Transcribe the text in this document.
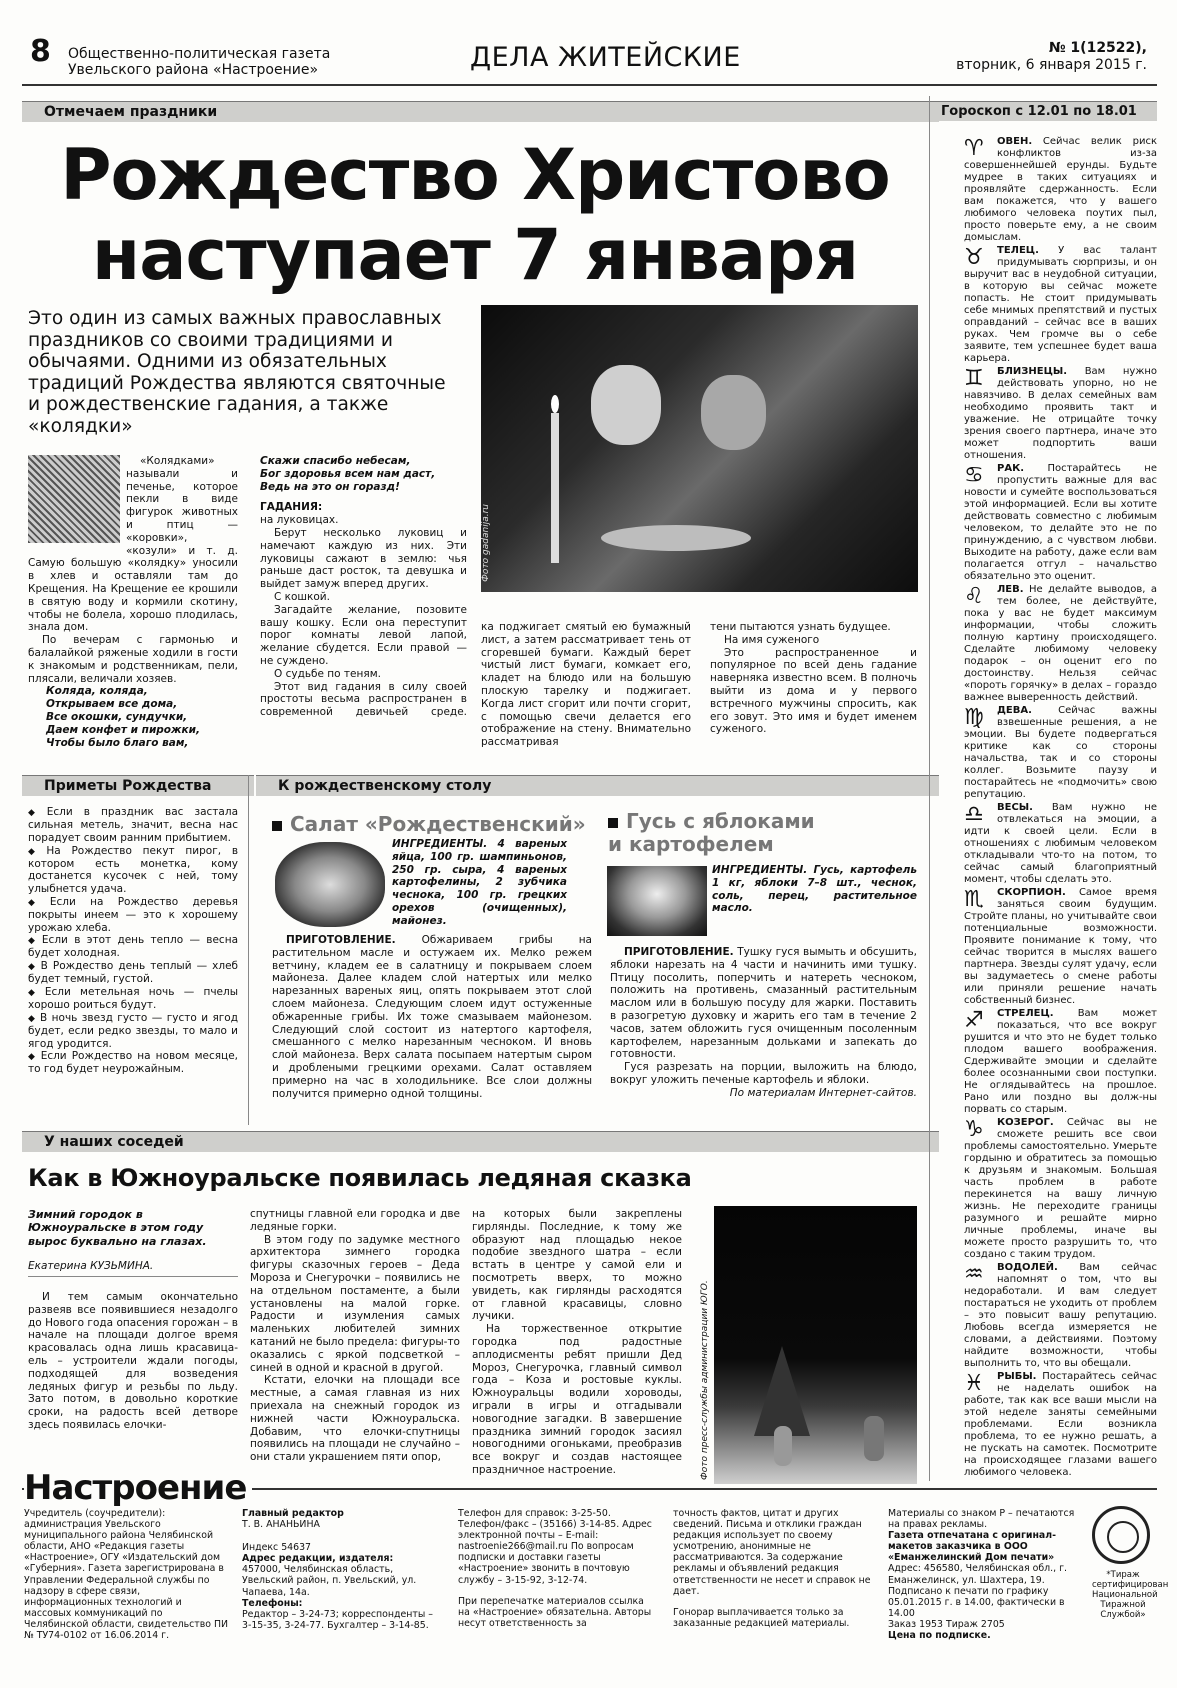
8 Общественно-политическая газета
Увельского района «Настроение»	ДЕЛА ЖИТЕЙСКИЕ	№ 1(12522),
вторник, 6 января 2015 г.
Отмечаем праздники
Рождество Христово
наступает 7 января
Это один из самых важных православных праздников со своими традициями и обычаями. Одними из обязательных традиций Рождества являются святочные и рождественские гадания, а также «колядки»
Фото gadanija.ru

«Колядками» называли и печенье, которое пекли в виде фигурок животных и птиц — «коровки», «козули» и т. д. Самую большую «колядку» уносили в хлев и оставляли там до Крещения. На Крещение ее крошили в святую воду и кормили скотину, чтобы не болела, хорошо плодилась, знала дом.

По вечерам с гармонью и балалайкой ряженые ходили в гости к знакомым и родственникам, пели, плясали, величали хозяев.

Коляда, коляда,
Открываем все дома,
Все окошки, сундучки,
Даем конфет и пирожки,
Чтобы было благо вам,
Скажи спасибо небесам,
Бог здоровья всем нам даст,
Ведь на это он горазд!
ГАДАНИЯ:
на луковицах.

Берут несколько луковиц и намечают каждую из них. Эти луковицы сажают в землю: чья раньше даст росток, та девушка и выйдет замуж вперед других.

С кошкой.

Загадайте желание, позовите вашу кошку. Если она переступит порог комнаты левой лапой, желание сбудется. Если правой — не суждено.

О судьбе по теням.

Этот вид гадания в силу своей простоты весьма распространен в современной девичьей среде.

ка поджигает смятый ею бумажный лист, а затем рассматривает тень от сгоревшей бумаги. Каждый берет чистый лист бумаги, комкает его, кладет на блюдо или на большую плоскую тарелку и поджигает. Когда лист сгорит или почти сгорит, с помощью свечи делается его отображение на стену. Внимательно рассматривая

тени пытаются узнать будущее.

На имя суженого

Это распространенное и популярное по всей день гадание наверняка известно всем. В полночь выйти из дома и у первого встречного мужчины спросить, как его зовут. Это имя и будет именем суженого.

Приметы Рождества
◆ Если в праздник вас застала сильная метель, значит, весна нас порадует своим ранним прибытием.
◆ На Рождество пекут пирог, в котором есть монетка, кому достанется кусочек с ней, тому улыбнется удача.
◆ Если на Рождество деревья покрыты инеем — это к хорошему урожаю хлеба.
◆ Если в этот день тепло — весна будет холодная.
◆ В Рождество день теплый — хлеб будет темный, густой.
◆ Если метельная ночь — пчелы хорошо роиться будут.
◆ В ночь звезд густо — густо и ягод будет, если редко звезды, то мало и ягод уродится.
◆ Если Рождество на новом месяце, то год будет неурожайным.
К рождественскому столу
Салат «Рождественский»
ИНГРЕДИЕНТЫ. 4 вареных яйца, 100 гр. шампиньонов, 250 гр. сыра, 4 вареных картофелины, 2 зубчика чеснока, 100 гр. грецких орехов (очищенных), майонез.

ПРИГОТОВЛЕНИЕ. Обжариваем грибы на растительном масле и остужаем их. Мелко режем ветчину, кладем ее в салатницу и покрываем слоем майонеза. Далее кладем слой натертых или мелко нарезанных вареных яиц, опять покрываем этот слой слоем майонеза. Следующим слоем идут остуженные обжаренные грибы. Их тоже смазываем майонезом. Следующий слой состоит из натертого картофеля, смешанного с мелко нарезанным чесноком. И вновь слой майонеза. Верх салата посыпаем натертым сыром и дроблеными грецкими орехами. Салат оставляем примерно на час в холодильнике. Все слои должны получится примерно одной толщины.

Гусь с яблоками
и картофелем
ИНГРЕДИЕНТЫ. Гусь, картофель 1 кг, яблоки 7–8 шт., чеснок, соль, перец, растительное масло.

ПРИГОТОВЛЕНИЕ. Тушку гуся вымыть и обсушить, яблоки нарезать на 4 части и начинить ими тушку. Птицу посолить, поперчить и натереть чесноком, положить на противень, смазанный растительным маслом или в большую посуду для жарки. Поставить в разогретую духовку и жарить его там в течение 2 часов, затем обложить гуся очищенным посоленным картофелем, нарезанным дольками и запекать до готовности.

Гуся разрезать на порции, выложить на блюдо, вокруг уложить печеные картофель и яблоки.

По материалам Интернет-сайтов.
У наших соседей
Как в Южноуральске появилась ледяная сказка
Зимний городок в Южноуральске в этом году вырос буквально на глазах.
Екатерина КУЗЬМИНА.

И тем самым окончательно развеяв все появившиеся незадолго до Нового года опасения горожан – в начале на площади долгое время красовалась одна лишь красавица-ель – устроители ждали погоды, подходящей для возведения ледяных фигур и резьбы по льду. Зато потом, в довольно короткие сроки, на радость всей детворе здесь появилась елочки-

спутницы главной ели городка и две ледяные горки.

В этом году по задумке местного архитектора зимнего городка фигуры сказочных героев – Деда Мороза и Снегурочки – появились не на отдельном постаменте, а были установлены на малой горке. Радости и изумления самых маленьких любителей зимних катаний не было предела: фигуры-то оказались с яркой подсветкой – синей в одной и красной в другой.

Кстати, елочки на площади все местные, а самая главная из них приехала на снежный городок из нижней части Южноуральска. Добавим, что елочки-спутницы появились на площади не случайно – они стали украшением пяти опор,

на которых были закреплены гирлянды. Последние, к тому же образуют над площадью некое подобие звездного шатра – если встать в центре у самой ели и посмотреть вверх, то можно увидеть, как гирлянды расходятся от главной красавицы, словно лучики.

На торжественное открытие городка под радостные аплодисменты ребят пришли Дед Мороз, Снегурочка, главный символ года – Коза и ростовые куклы. Южноуральцы водили хороводы, играли в игры и отгадывали новогодние загадки. В завершение праздника зимний городок засиял новогодними огоньками, преобразив все вокруг и создав настоящее праздничное настроение.	Фото пресс-службы администрации ЮГО.
Гороскоп с 12.01 по 18.01

♈	ОВЕН. Сейчас велик риск конфликтов из-за совершеннейшей ерунды. Будьте мудрее в таких ситуациях и проявляйте сдержанность. Если вам покажется, что у вашего любимого человека поутих пыл, просто поверьте ему, а не своим домыслам.

♉	ТЕЛЕЦ. У вас талант придумывать сюрпризы, и он выручит вас в неудобной ситуации, в которую вы сейчас можете попасть. Не стоит придумывать себе мнимых препятствий и пустых оправданий – сейчас все в ваших руках. Чем громче вы о себе заявите, тем успешнее будет ваша карьера.

♊	БЛИЗНЕЦЫ. Вам нужно действовать упорно, но не навязчиво. В делах семейных вам необходимо проявить такт и уважение. Не отрицайте точку зрения своего партнера, иначе это может подпортить ваши отношения.

♋	РАК. Постарайтесь не пропустить важные для вас новости и сумейте воспользоваться этой информацией. Если вы хотите действовать совместно с любимым человеком, то делайте это не по принуждению, а с чувством любви. Выходите на работу, даже если вам полагается отгул – начальство обязательно это оценит.

♌	ЛЕВ. Не делайте выводов, а тем более, не действуйте, пока у вас не будет максимум информации, чтобы сложить полную картину происходящего. Сделайте любимому человеку подарок – он оценит его по достоинству. Нельзя сейчас «пороть горячку» в делах – гораздо важнее выверенность действий.

♍	ДЕВА.	Сейчас важны взвешенные решения, а не эмоции. Вы будете подвергаться критике как со стороны начальства, так и со стороны коллег. Возьмите паузу и постарайтесь не «подмочить» свою репутацию.

♎	ВЕСЫ. Вам нужно не отвлекаться на эмоции, а идти к своей цели. Если в отношениях с любимым человеком откладывали что-то на потом, то сейчас самый благоприятный момент, чтобы сделать это.

♏	СКОРПИОН. Самое время заняться своим будущим. Стройте планы, но учитывайте свои потенциальные возможности. Проявите понимание к тому, что сейчас творится в мыслях вашего партнера. Звезды сулят удачу, если вы задумаетесь о смене работы или приняли решение начать собственный бизнес.

♐	СТРЕЛЕЦ. Вам может показаться, что все вокруг рушится и что это не будет только плодом вашего воображения. Сдерживайте эмоции и сделайте более осознанными свои поступки. Не оглядывайтесь на прошлое. Рано или поздно вы долж-ны порвать со старым.

♑	КОЗЕРОГ. Сейчас вы не сможете решить все свои проблемы самостоятельно. Умерьте гордыню и обратитесь за помощью к друзьям и знакомым. Большая часть проблем в работе перекинется на вашу личную жизнь. Не переходите границы разумного и решайте мирно личные проблемы, иначе вы можете просто разрушить то, что создано с таким трудом.

♒	ВОДОЛЕЙ. Вам сейчас напомнят о том, что вы недоработали. И вам следует постараться не уходить от проблем – это повысит вашу репутацию. Любовь всегда измеряется не словами, а действиями. Поэтому найдите возможности, чтобы выполнить то, что вы обещали.

♓	РЫБЫ. Постарайтесь сейчас не наделать ошибок на работе, так как все ваши мысли на этой неделе заняты семейными проблемами. Если возникла проблема, то ее нужно решать, а не пускать на самотек. Посмотрите на происходящее глазами вашего любимого человека.

Настроение
Учредитель (соучредители): администрация Увельского муниципального района Челябинской области, АНО «Редакция газеты «Настроение», ОГУ «Издательский дом «Губерния». Газета зарегистрирована в Управлении Федеральной службы по надзору в сфере связи, информационных технологий и массовых коммуникаций по Челябинской области, свидетельство ПИ № ТУ74-0102 от 16.06.2014 г.
Главный редактор
Т. В. АНАНЬИНА
Индекс 54637
Адрес редакции, издателя:
457000, Челябинская область, Увельский район, п. Увельский, ул. Чапаева, 14а.
Телефоны:
Редактор – 3-24-73; корреспонденты – 3-15-35, 3-24-77. Бухгалтер – 3-14-85.
Телефон для справок: 3-25-50. Телефон/факс – (35166) 3-14-85. Адрес электронной почты – E-mail: nastroenie266@mail.ru По вопросам подписки и доставки газеты «Настроение» звонить в почтовую службу – 3-15-92, 3-12-74.
При перепечатке материалов ссылка на «Настроение» обязательна. Авторы несут ответственность за
точность фактов, цитат и других сведений. Письма и отклики граждан редакция использует по своему усмотрению, анонимные не рассматриваются. За содержание рекламы и объявлений редакция ответственности не несет и справок не дает.
Гонорар выплачивается только за заказанные редакцией материалы.
Материалы со знаком Р – печатаются на правах рекламы.
Газета отпечатана с оригинал-макетов заказчика в ООО «Еманжелинский Дом печати»
Адрес: 456580, Челябинская обл., г. Еманжелинск, ул. Шахтера, 19.
Подписано к печати по графику 05.01.2015 г. в 14.00, фактически в 14.00
Заказ 1953 Тираж 2705
Цена по подписке.
*Тираж сертифицирован Национальной Тиражной Службой»
